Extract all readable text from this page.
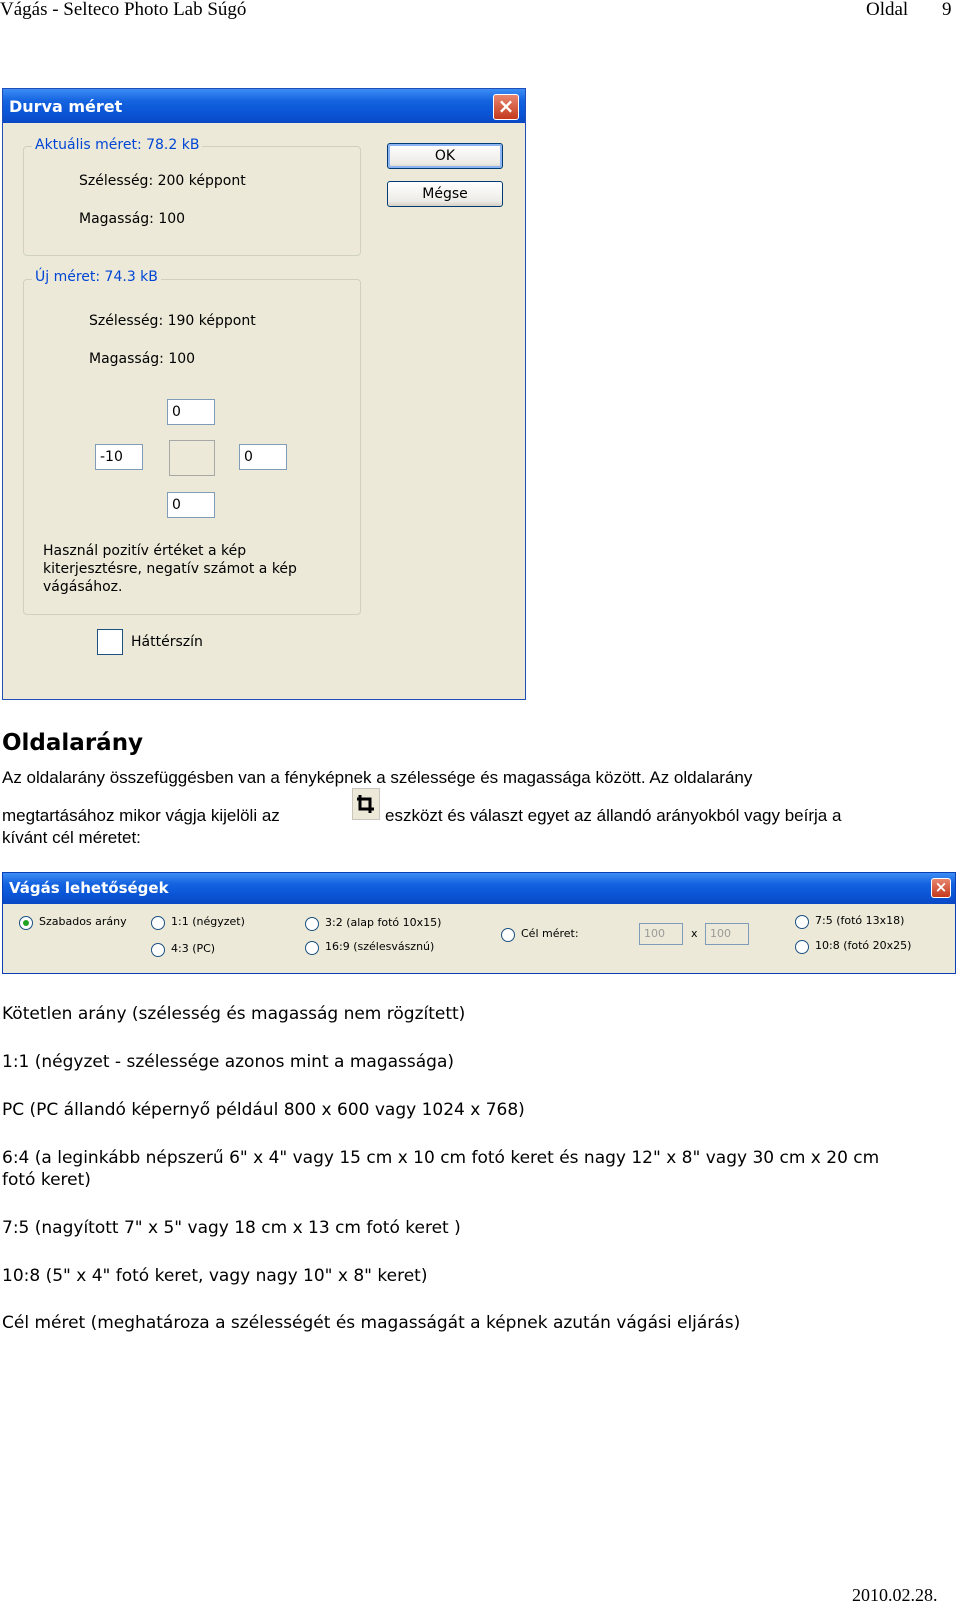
Vágás - Selteco Photo Lab Súgó	Oldal 9
Durva méret	×
Aktuális méret: 78.2 kB
Szélesség: 200 képpont
Magasság: 100
OK
Mégse
Új méret: 74.3 kB
Szélesség: 190 képpont
Magasság: 100
0
-10	0
0
Használ pozitív értéket a kép
kiterjesztésre, negatív számot a kép
vágásához.
Háttérszín
Oldalarány
Az oldalarány összefüggésben van a fényképnek a szélessége és magassága között. Az oldalarány
megtartásához mikor vágja kijelöli az	eszközt és választ egyet az állandó arányokból vagy beírja a
kívánt cél méretet:
Vágás lehetőségek	×
Szabados arány	1:1 (négyzet)
4:3 (PC)
3:2 (alap fotó 10x15)
16:9 (szélesvásznú)
Cél méret:	100	x	100
7:5 (fotó 13x18)
10:8 (fotó 20x25)
Kötetlen arány (szélesség és magasság nem rögzített)
1:1 (négyzet - szélessége azonos mint a magassága)
PC (PC állandó képernyő például 800 x 600 vagy 1024 x 768)
6:4 (a leginkább népszerű 6" x 4" vagy 15 cm x 10 cm fotó keret és nagy 12" x 8" vagy 30 cm x 20 cm
fotó keret)
7:5 (nagyított 7" x 5" vagy 18 cm x 13 cm fotó keret )
10:8 (5" x 4" fotó keret, vagy nagy 10" x 8" keret)
Cél méret (meghatároza a szélességét és magasságát a képnek azután vágási eljárás)
2010.02.28.
